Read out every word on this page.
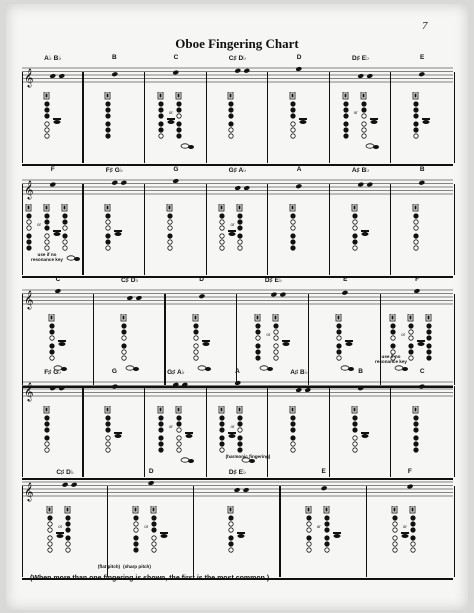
7
Oboe Fingering Chart
𝄞
A♭ B♭	B	C
or
C♯ D♭	D	D♯ E♭
or
E
𝄞
F
or
F♯ G♭	G	G♯ A♭
or
A	A♯ B♭	B
use if no resonance key
𝄞
C	C♯ D♭	D	D♯ E♭
or
E	F
or
use if no resonance key
𝄞
F♯ G♭	G	G♯ A♭
or
A
or
A♯ B♭	B	C
(harmonic fingering)
𝄞
C♯ D♭
or
D
or
D♯ E♭	E
or
F
or
(flat pitch) (sharp pitch)
(When more than one fingering is shown, the first is the most common.)
